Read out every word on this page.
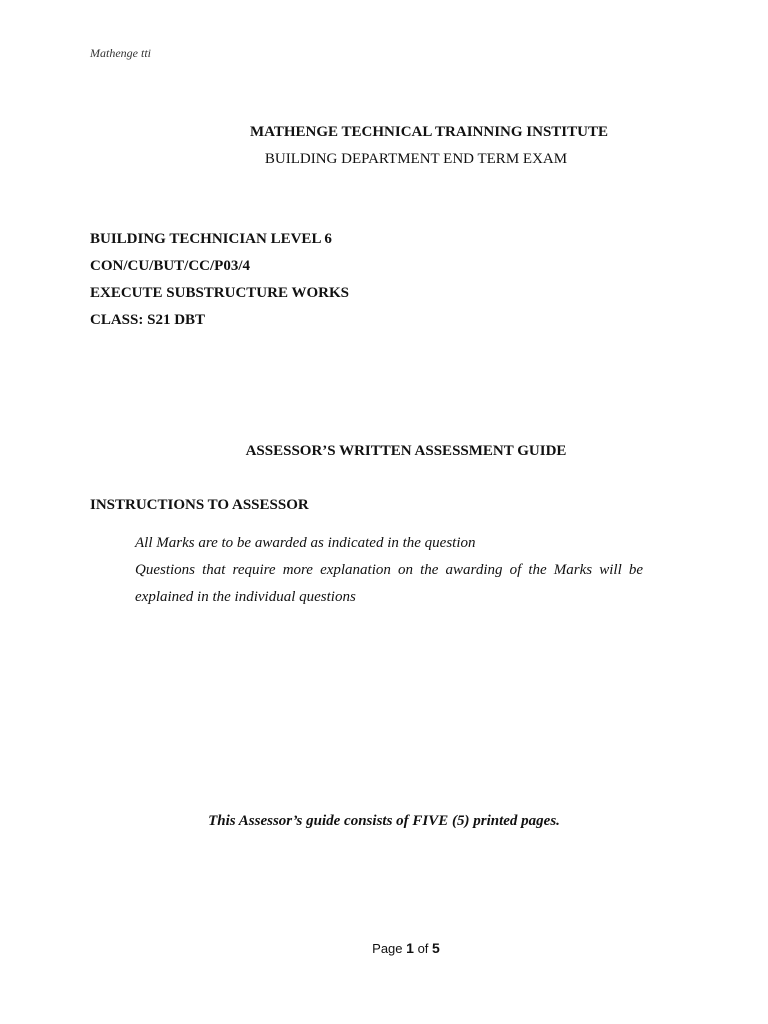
Mathenge tti
MATHENGE TECHNICAL TRAINNING INSTITUTE
BUILDING DEPARTMENT END TERM EXAM
BUILDING TECHNICIAN LEVEL 6
CON/CU/BUT/CC/P03/4
EXECUTE SUBSTRUCTURE WORKS
CLASS: S21 DBT
ASSESSOR’S WRITTEN ASSESSMENT GUIDE
INSTRUCTIONS TO ASSESSOR
All Marks are to be awarded as indicated in the question
Questions that require more explanation on the awarding of the Marks will be
explained in the individual questions
This Assessor’s guide consists of FIVE (5) printed pages.
Page 1 of 5
